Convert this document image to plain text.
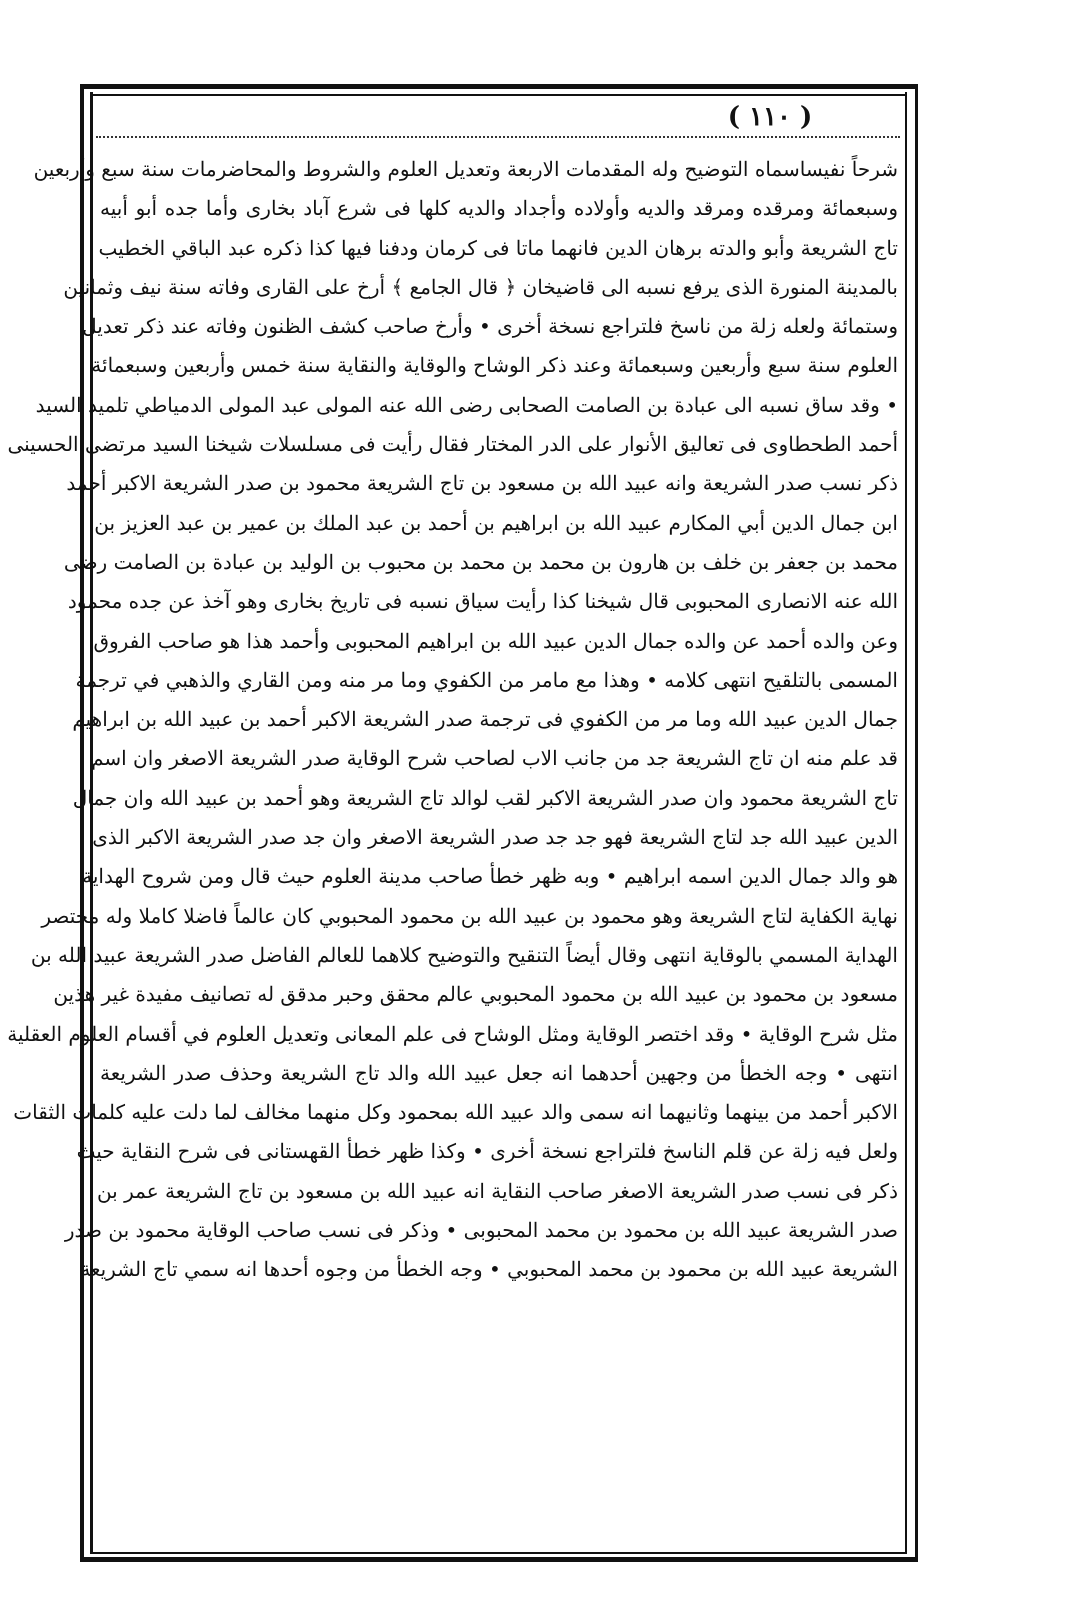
( ١١٠ )
شرحاً نفيساسماه التوضيح وله المقدمات الاربعة وتعديل العلوم والشروط والمحاضرمات سنة سبع وأربعين
وسبعمائة ومرقده ومرقد والديه وأولاده وأجداد والديه كلها فى شرع آباد بخارى وأما جده أبو أبيه
تاج الشريعة وأبو والدته برهان الدين فانهما ماتا فى كرمان ودفنا فيها كذا ذكره عبد الباقي الخطيب
بالمدينة المنورة الذى يرفع نسبه الى قاضيخان ﴿ قال الجامع ﴾ أرخ على القارى وفاته سنة نيف وثمانين
وستمائة ولعله زلة من ناسخ فلتراجع نسخة أخرى • وأرخ صاحب كشف الظنون وفاته عند ذكر تعديل
العلوم سنة سبع وأربعين وسبعمائة وعند ذكر الوشاح والوقاية والنقاية سنة خمس وأربعين وسبعمائة
• وقد ساق نسبه الى عبادة بن الصامت الصحابى رضى الله عنه المولى عبد المولى الدمياطي تلميذ السيد
أحمد الطحطاوى فى تعاليق الأنوار على الدر المختار فقال رأيت فى مسلسلات شيخنا السيد مرتضى الحسينى
ذكر نسب صدر الشريعة وانه عبيد الله بن مسعود بن تاج الشريعة محمود بن صدر الشريعة الاكبر أحمد
ابن جمال الدين أبي المكارم عبيد الله بن ابراهيم بن أحمد بن عبد الملك بن عمير بن عبد العزيز بن
محمد بن جعفر بن خلف بن هارون بن محمد بن محمد بن محبوب بن الوليد بن عبادة بن الصامت رضى
الله عنه الانصارى المحبوبى قال شيخنا كذا رأيت سياق نسبه فى تاريخ بخارى وهو آخذ عن جده محمود
وعن والده أحمد عن والده جمال الدين عبيد الله بن ابراهيم المحبوبى وأحمد هذا هو صاحب الفروق
المسمى بالتلقيح انتهى كلامه • وهذا مع مامر من الكفوي وما مر منه ومن القاري والذهبي في ترجمة
جمال الدين عبيد الله وما مر من الكفوي فى ترجمة صدر الشريعة الاكبر أحمد بن عبيد الله بن ابراهيم
قد علم منه ان تاج الشريعة جد من جانب الاب لصاحب شرح الوقاية صدر الشريعة الاصغر وان اسم
تاج الشريعة محمود وان صدر الشريعة الاكبر لقب لوالد تاج الشريعة وهو أحمد بن عبيد الله وان جمال
الدين عبيد الله جد لتاج الشريعة فهو جد جد صدر الشريعة الاصغر وان جد صدر الشريعة الاكبر الذى
هو والد جمال الدين اسمه ابراهيم • وبه ظهر خطأ صاحب مدينة العلوم حيث قال ومن شروح الهداية
نهاية الكفاية لتاج الشريعة وهو محمود بن عبيد الله بن محمود المحبوبي كان عالماً فاضلا كاملا وله مختصر
الهداية المسمي بالوقاية انتهى وقال أيضاً التنقيح والتوضيح كلاهما للعالم الفاضل صدر الشريعة عبيد الله بن
مسعود بن محمود بن عبيد الله بن محمود المحبوبي عالم محقق وحبر مدقق له تصانيف مفيدة غير هذين
مثل شرح الوقاية • وقد اختصر الوقاية ومثل الوشاح فى علم المعانى وتعديل العلوم في أقسام العلوم العقلية
انتهى • وجه الخطأ من وجهين أحدهما انه جعل عبيد الله والد تاج الشريعة وحذف صدر الشريعة
الاكبر أحمد من بينهما وثانيهما انه سمى والد عبيد الله بمحمود وكل منهما مخالف لما دلت عليه كلمات الثقات
ولعل فيه زلة عن قلم الناسخ فلتراجع نسخة أخرى • وكذا ظهر خطأ القهستانى فى شرح النقاية حيث
ذكر فى نسب صدر الشريعة الاصغر صاحب النقاية انه عبيد الله بن مسعود بن تاج الشريعة عمر بن
صدر الشريعة عبيد الله بن محمود بن محمد المحبوبى • وذكر فى نسب صاحب الوقاية محمود بن صدر
الشريعة عبيد الله بن محمود بن محمد المحبوبي • وجه الخطأ من وجوه أحدها انه سمي تاج الشريعة
